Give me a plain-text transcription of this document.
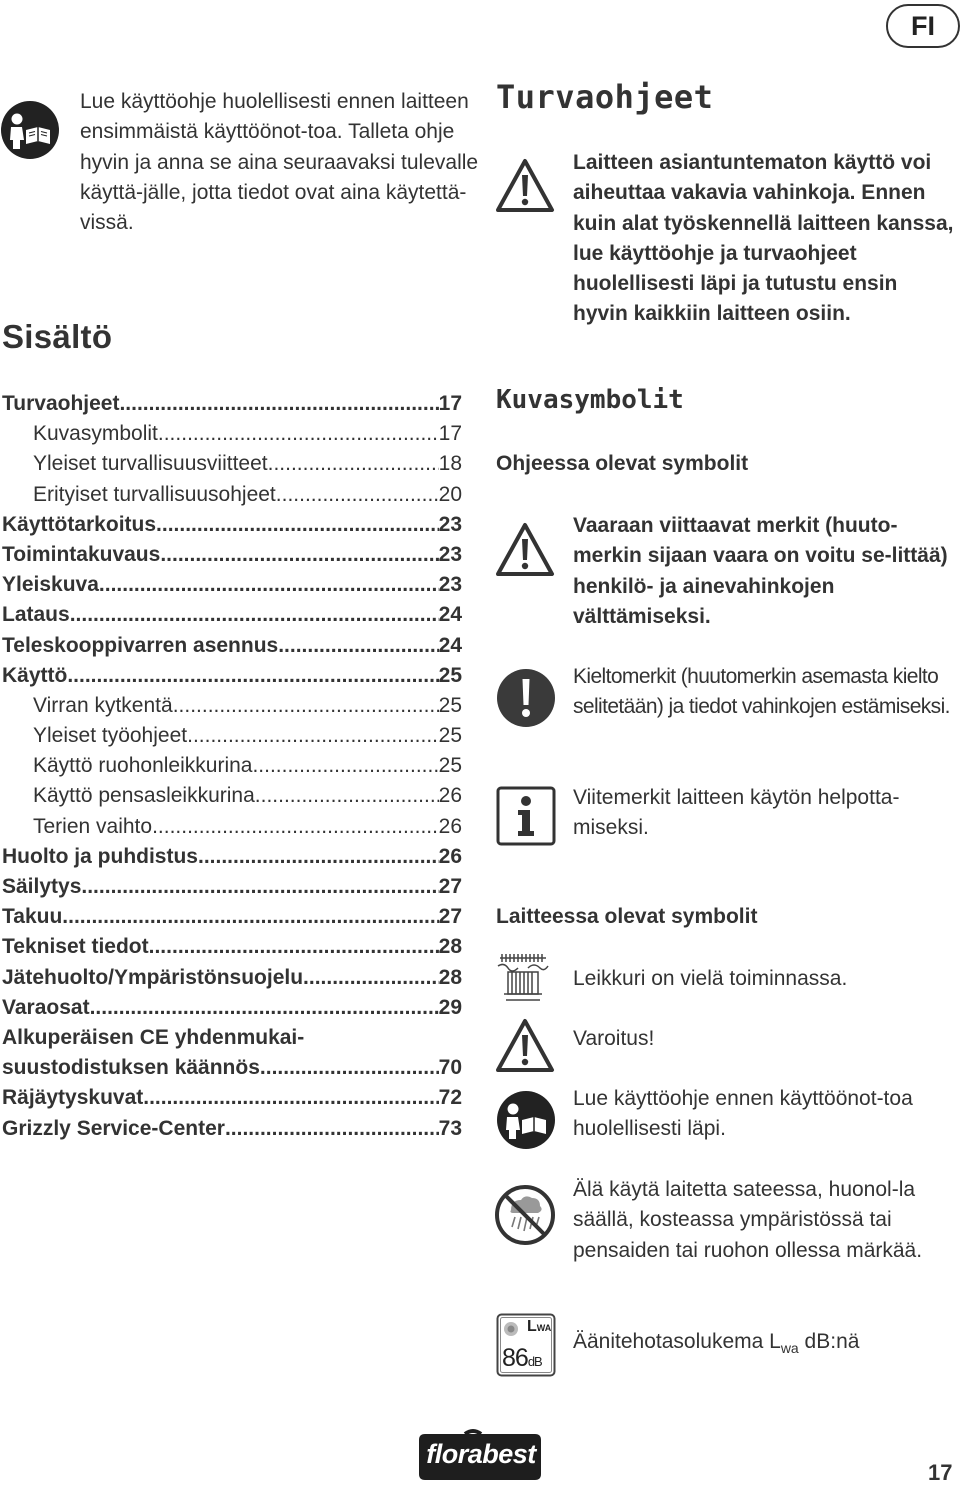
FI

Lue käyttöohje huolellisesti ennen laitteen ensimmäistä käyttöönot-toa. Talleta ohje hyvin ja anna se aina seuraavaksi tulevalle käyttä-jälle, jotta tiedot ovat aina käytettä-vissä.

Sisältö
Turvaohjeet .....	17
Kuvasymbolit .....	17
Yleiset turvallisuusviitteet .....	18
Erityiset turvallisuusohjeet .....	20
Käyttötarkoitus .....	23
Toimintakuvaus .....	23
Yleiskuva .....	23
Lataus .....	24
Teleskooppivarren asennus .....	24
Käyttö .....	25
Virran kytkentä .....	25
Yleiset työohjeet .....	25
Käyttö ruohonleikkurina .....	25
Käyttö pensasleikkurina .....	26
Terien vaihto .....	26
Huolto ja puhdistus .....	26
Säilytys .....	27
Takuu .....	27
Tekniset tiedot .....	28
Jätehuolto/Ympäristönsuojelu .....	28
Varaosat .....	29
Alkuperäisen CE yhdenmukai-
suustodistuksen käännös .....	70
Räjäytyskuvat .....	72
Grizzly Service-Center .....	73
Turvaohjeet

Laitteen asiantuntematon käyttö voi aiheuttaa vakavia vahinkoja. Ennen kuin alat työskennellä laitteen kanssa, lue käyttöohje ja turvaohjeet huolellisesti läpi ja tutustu ensin hyvin kaikkiin laitteen osiin.

Kuvasymbolit
Ohjeessa olevat symbolit

Vaaraan viittaavat merkit (huuto-merkin sijaan vaara on voitu se-littää) henkilö- ja ainevahinkojen välttämiseksi.

Kieltomerkit (huutomerkin asemasta kielto selitetään) ja tiedot vahinkojen estämiseksi.

Viitemerkit laitteen käytön helpotta-miseksi.

Laitteessa olevat symbolit

Leikkuri on vielä toiminnassa.

Varoitus!

Lue käyttöohje ennen käyttöönot-toa huolellisesti läpi.

Älä käytä laitetta sateessa, huonol-la säällä, kosteassa ympäristössä tai pensaiden tai ruohon ollessa märkää.

LWA
86dB

Äänitehotasolukema $L_{wa}$ dB:nä

florabest

17
